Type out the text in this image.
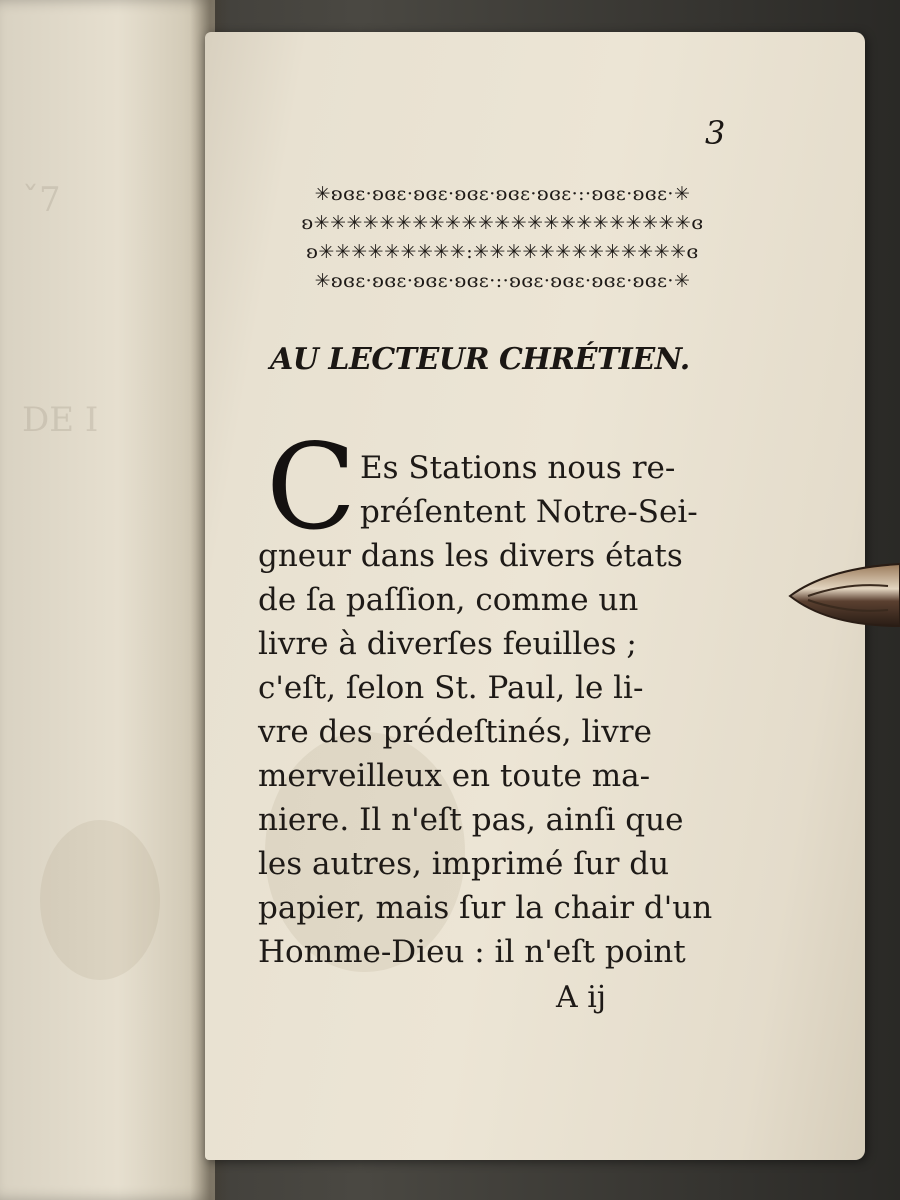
ˇ7
DE I
3
✳ʚɞɛ·ʚɞɛ·ʚɞɛ·ʚɞɛ·ʚɞɛ·ʚɞɛ·:·ʚɞɛ·ʚɞɛ·✳
ʚ✳✳✳✳✳✳✳✳✳✳✳✳✳✳✳✳✳✳✳✳✳✳✳ɞ
ʚ✳✳✳✳✳✳✳✳✳:✳✳✳✳✳✳✳✳✳✳✳✳✳ɞ
✳ʚɞɛ·ʚɞɛ·ʚɞɛ·ʚɞɛ·:·ʚɞɛ·ʚɞɛ·ʚɞɛ·ʚɞɛ·✳
AU LECTEUR CHRÉTIEN.
C Es Stations nous re-
préſentent Notre-Sei-
gneur dans les divers états
de ſa paſſion, comme un
livre à diverſes feuilles ;
c'eſt, ſelon St. Paul, le li-
vre des prédeſtinés, livre
merveilleux en toute ma-
niere. Il n'eſt pas, ainſi que
les autres, imprimé ſur du
papier, mais ſur la chair d'un
Homme-Dieu : il n'eſt point
A ij
